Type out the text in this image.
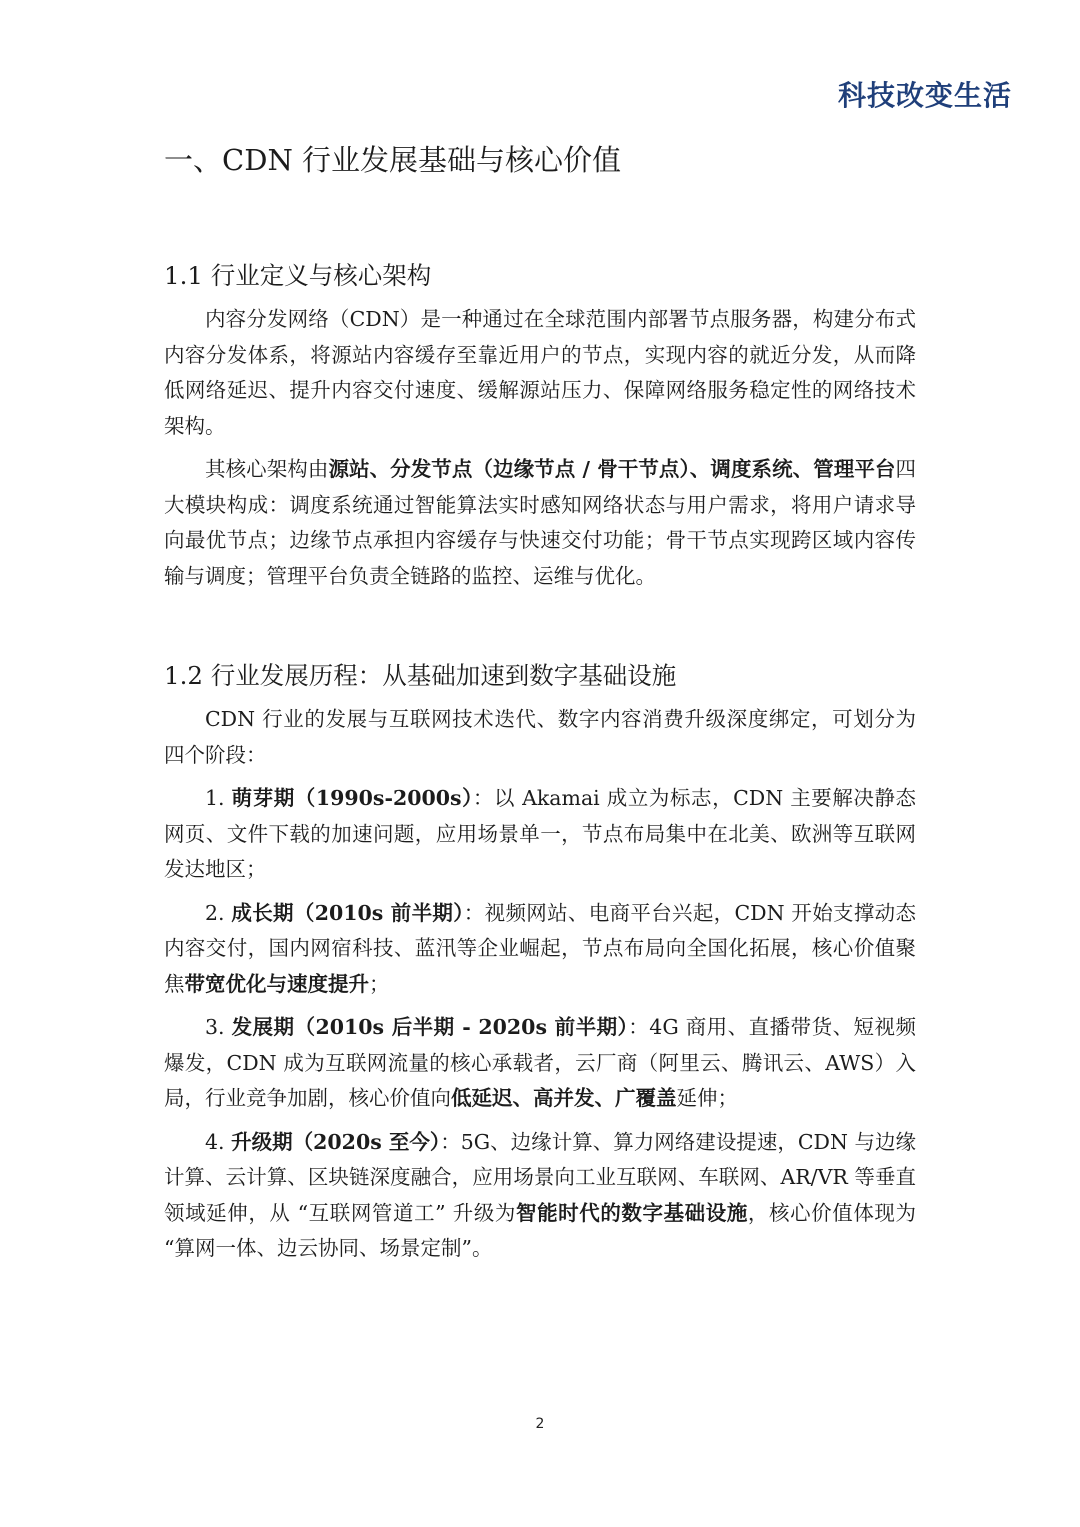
科技改变生活
一、CDN 行业发展基础与核心价值
1.1 行业定义与核心架构

内容分发网络（CDN）是一种通过在全球范围内部署节点服务器，构建分布式内容分发体系，将源站内容缓存至靠近用户的节点，实现内容的就近分发，从而降低网络延迟、提升内容交付速度、缓解源站压力、保障网络服务稳定性的网络技术架构。

其核心架构由源站、分发节点（边缘节点 / 骨干节点）、调度系统、管理平台四大模块构成：调度系统通过智能算法实时感知网络状态与用户需求，将用户请求导向最优节点；边缘节点承担内容缓存与快速交付功能；骨干节点实现跨区域内容传输与调度；管理平台负责全链路的监控、运维与优化。

1.2 行业发展历程：从基础加速到数字基础设施

CDN 行业的发展与互联网技术迭代、数字内容消费升级深度绑定，可划分为四个阶段：

1. 萌芽期（1990s-2000s）：以 Akamai 成立为标志，CDN 主要解决静态网页、文件下载的加速问题，应用场景单一，节点布局集中在北美、欧洲等互联网发达地区；

2. 成长期（2010s 前半期）：视频网站、电商平台兴起，CDN 开始支撑动态内容交付，国内网宿科技、蓝汛等企业崛起，节点布局向全国化拓展，核心价值聚焦带宽优化与速度提升；

3. 发展期（2010s 后半期 - 2020s 前半期）：4G 商用、直播带货、短视频爆发，CDN 成为互联网流量的核心承载者，云厂商（阿里云、腾讯云、AWS）入局，行业竞争加剧，核心价值向低延迟、高并发、广覆盖延伸；

4. 升级期（2020s 至今）：5G、边缘计算、算力网络建设提速，CDN 与边缘计算、云计算、区块链深度融合，应用场景向工业互联网、车联网、AR/VR 等垂直领域延伸，从 “互联网管道工” 升级为智能时代的数字基础设施，核心价值体现为 “算网一体、边云协同、场景定制”。

2
